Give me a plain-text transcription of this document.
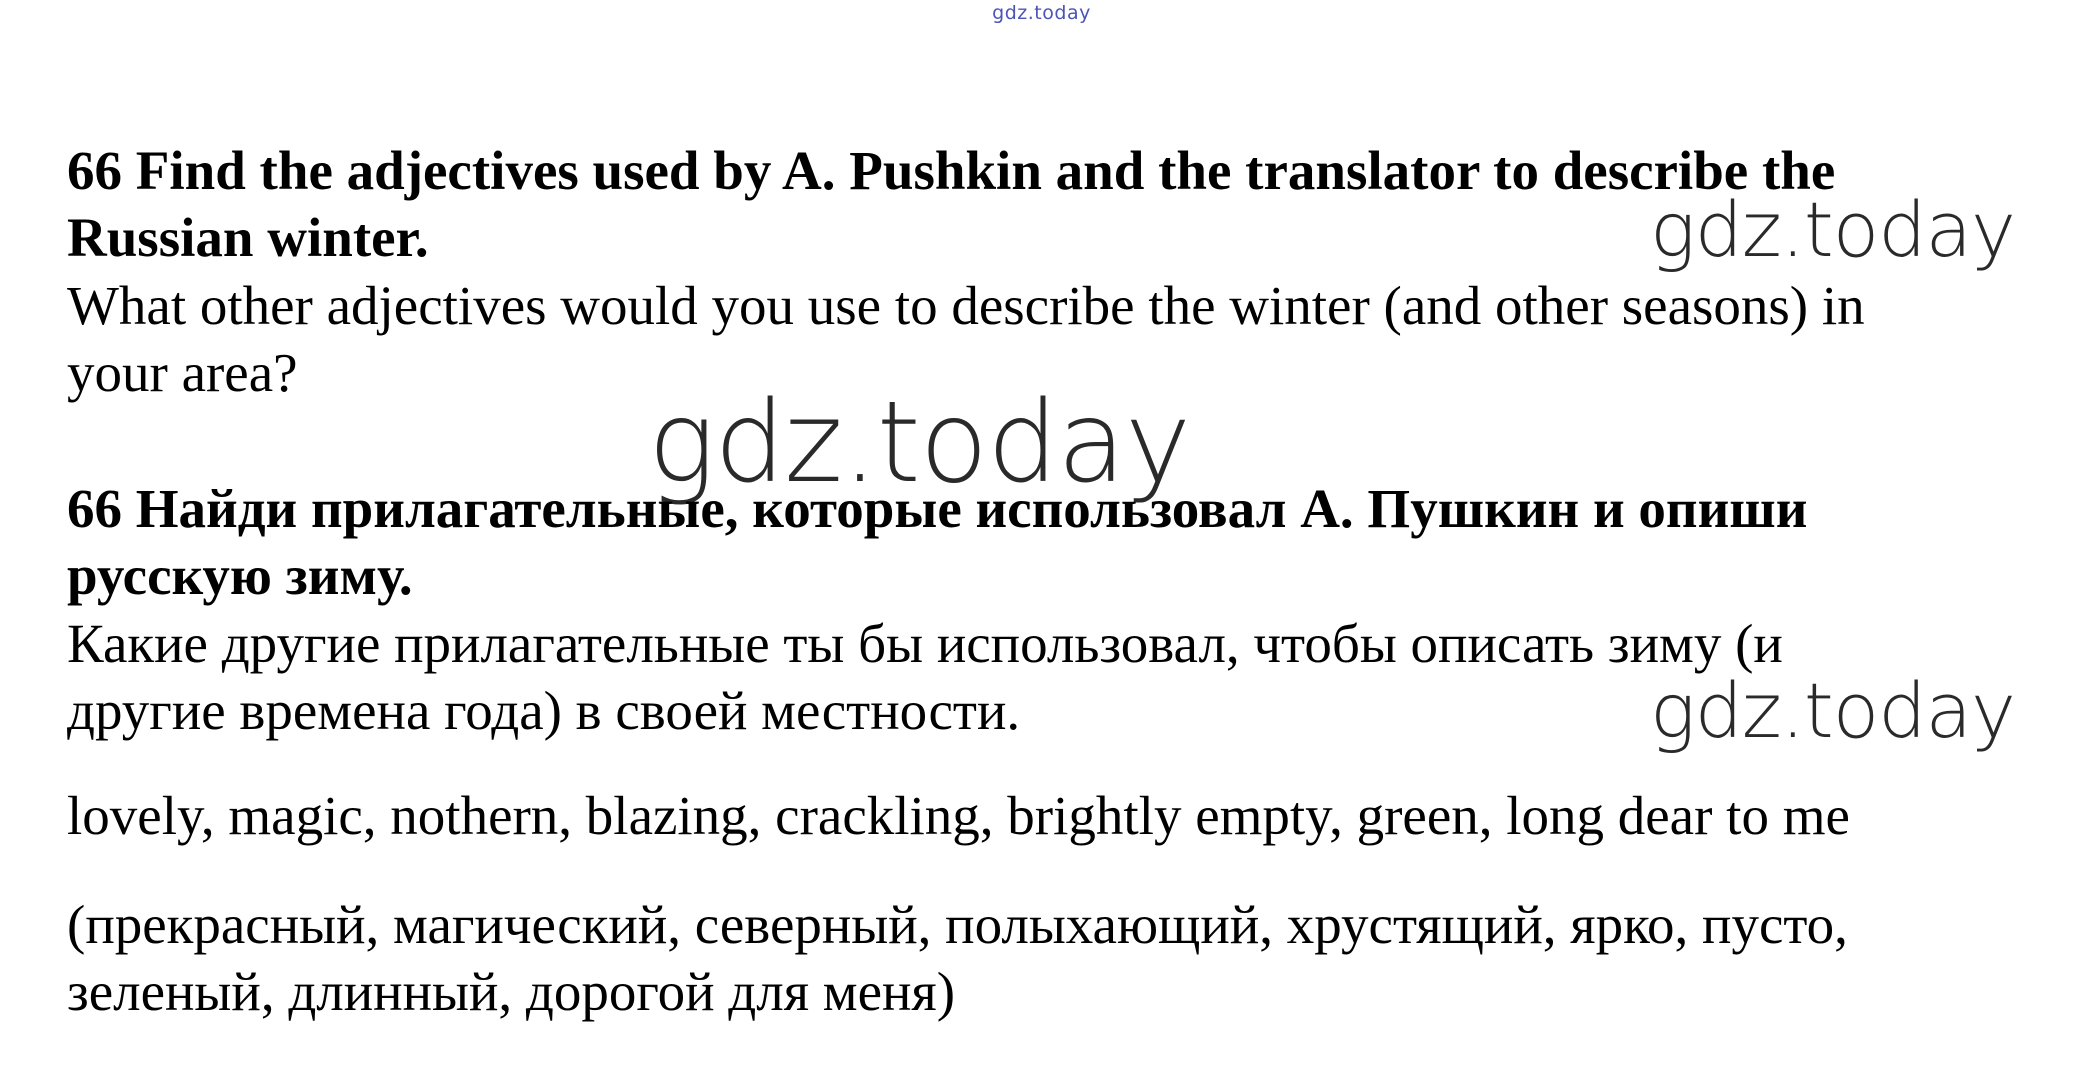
gdz.today
66 Find the adjectives used by A. Pushkin and the translator to describe the
Russian winter.
What other adjectives would you use to describe the winter (and other seasons) in
your area?
gdz.today
gdz.today
66 Найди прилагательные, которые использовал А. Пушкин и опиши
русскую зиму.
Какие другие прилагательные ты бы использовал, чтобы описать зиму (и
другие времена года) в своей местности.	gdz.today
lovely, magic, nothern, blazing, crackling, brightly empty, green, long dear to me
(прекрасный, магический, северный, полыхающий, хрустящий, ярко, пусто,
зеленый, длинный, дорогой для меня)
